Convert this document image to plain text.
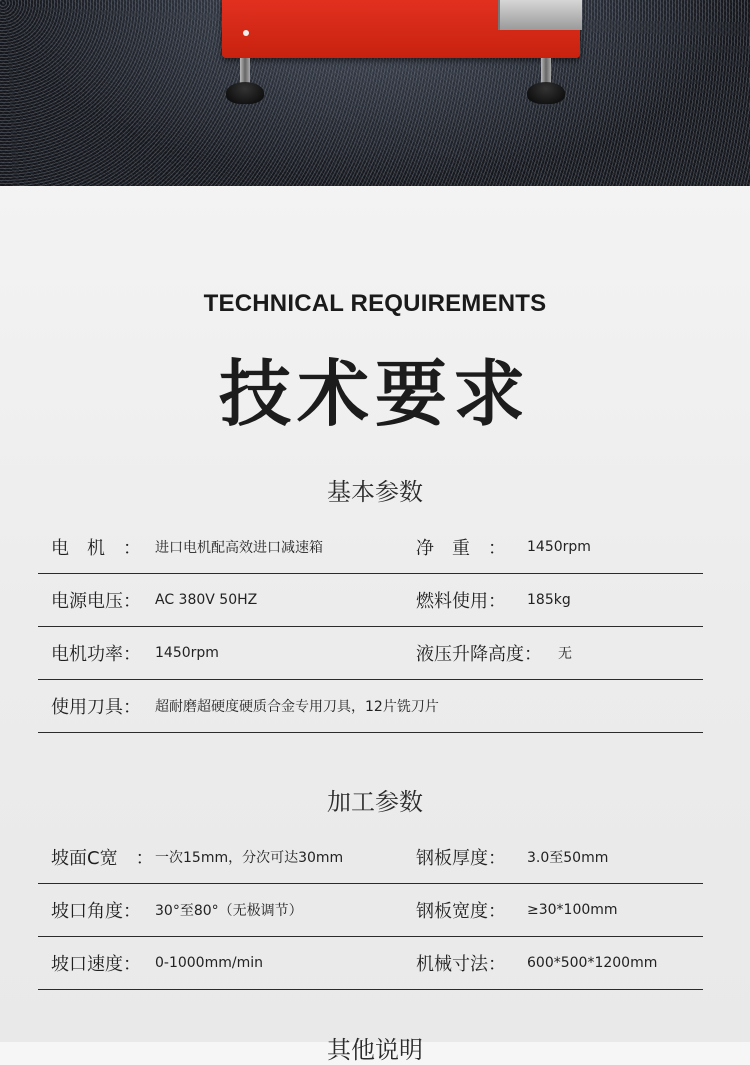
TECHNICAL REQUIREMENTS
技术要求
基本参数
电　机　： 进口电机配高效进口减速箱	净　重　： 1450rpm
电源电压： AC 380V 50HZ	燃料使用： 185kg
电机功率： 1450rpm	液压升降高度： 无
使用刀具： 超耐磨超硬度硬质合金专用刀具，12片铣刀片
加工参数
坡面C宽　： 一次15mm，分次可达30mm	钢板厚度： 3.0至50mm
坡口角度： 30°至80°（无极调节）	钢板宽度： ≥30*100mm
坡口速度： 0-1000mm/min	机械寸法： 600*500*1200mm
其他说明
